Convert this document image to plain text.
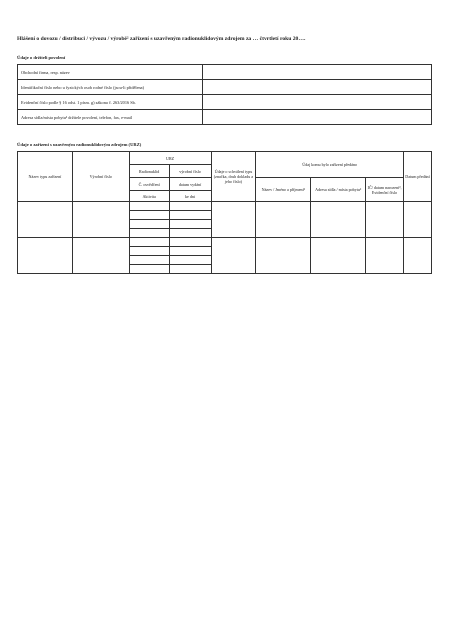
Hlášení o dovozu / distribuci / vývozu / výrobě² zařízení s uzavřeným radionuklidovým zdrojem za … čtvrtletí roku 20….
Údaje o držiteli povolení
Obchodní firma, resp. název	
Identifikační číslo nebo u fyzických osob rodné číslo (jsou-li přidělena)	
Evidenční číslo podle § 16 odst. 1 písm. g) zákona č. 263/2016 Sb.	
Adresa sídla/místa pobytu³ držitele povolení, telefon, fax, e-mail	
Údaje o zařízení s uzavřeným radionuklidovým zdrojem (URZ)
Název typu zařízení	Výrobní číslo	URZ		Údaje o schválení typu (značka, druh dokladu a jeho číslo)	Údaj komu bylo zařízení předáno			Datum předání
		Radionuklid	výrobní číslo					
		Č. osvědčení	datum vydání		Název / Jméno a příjmení³	Adresa sídla / místa pobytu³	IČ/ datum narození³, Evidenční číslo	
		Aktivita	ke dni					
